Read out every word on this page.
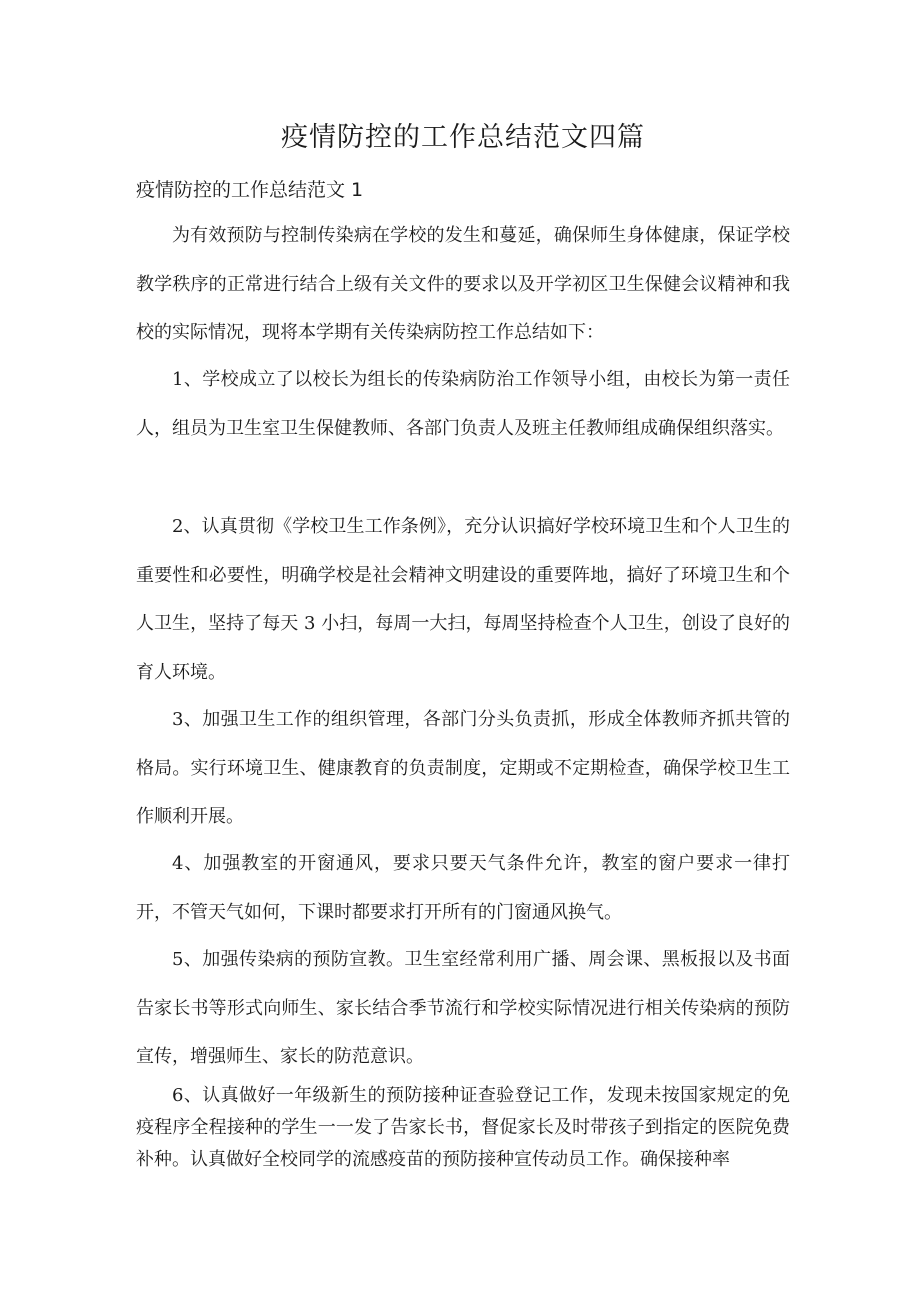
疫情防控的工作总结范文四篇
疫情防控的工作总结范文 1

为有效预防与控制传染病在学校的发生和蔓延，确保师生身体健康，保证学校教学秩序的正常进行结合上级有关文件的要求以及开学初区卫生保健会议精神和我校的实际情况，现将本学期有关传染病防控工作总结如下：

1、学校成立了以校长为组长的传染病防治工作领导小组，由校长为第一责任人，组员为卫生室卫生保健教师、各部门负责人及班主任教师组成确保组织落实。

2、认真贯彻《学校卫生工作条例》，充分认识搞好学校环境卫生和个人卫生的重要性和必要性，明确学校是社会精神文明建设的重要阵地，搞好了环境卫生和个人卫生，坚持了每天 3 小扫，每周一大扫，每周坚持检查个人卫生，创设了良好的育人环境。

3、加强卫生工作的组织管理，各部门分头负责抓，形成全体教师齐抓共管的格局。实行环境卫生、健康教育的负责制度，定期或不定期检查，确保学校卫生工作顺利开展。

4、加强教室的开窗通风，要求只要天气条件允许，教室的窗户要求一律打开，不管天气如何，下课时都要求打开所有的门窗通风换气。

5、加强传染病的预防宣教。卫生室经常利用广播、周会课、黑板报以及书面告家长书等形式向师生、家长结合季节流行和学校实际情况进行相关传染病的预防宣传，增强师生、家长的防范意识。

6、认真做好一年级新生的预防接种证查验登记工作，发现未按国家规定的免疫程序全程接种的学生一一发了告家长书，督促家长及时带孩子到指定的医院免费补种。认真做好全校同学的流感疫苗的预防接种宣传动员工作。确保接种率
